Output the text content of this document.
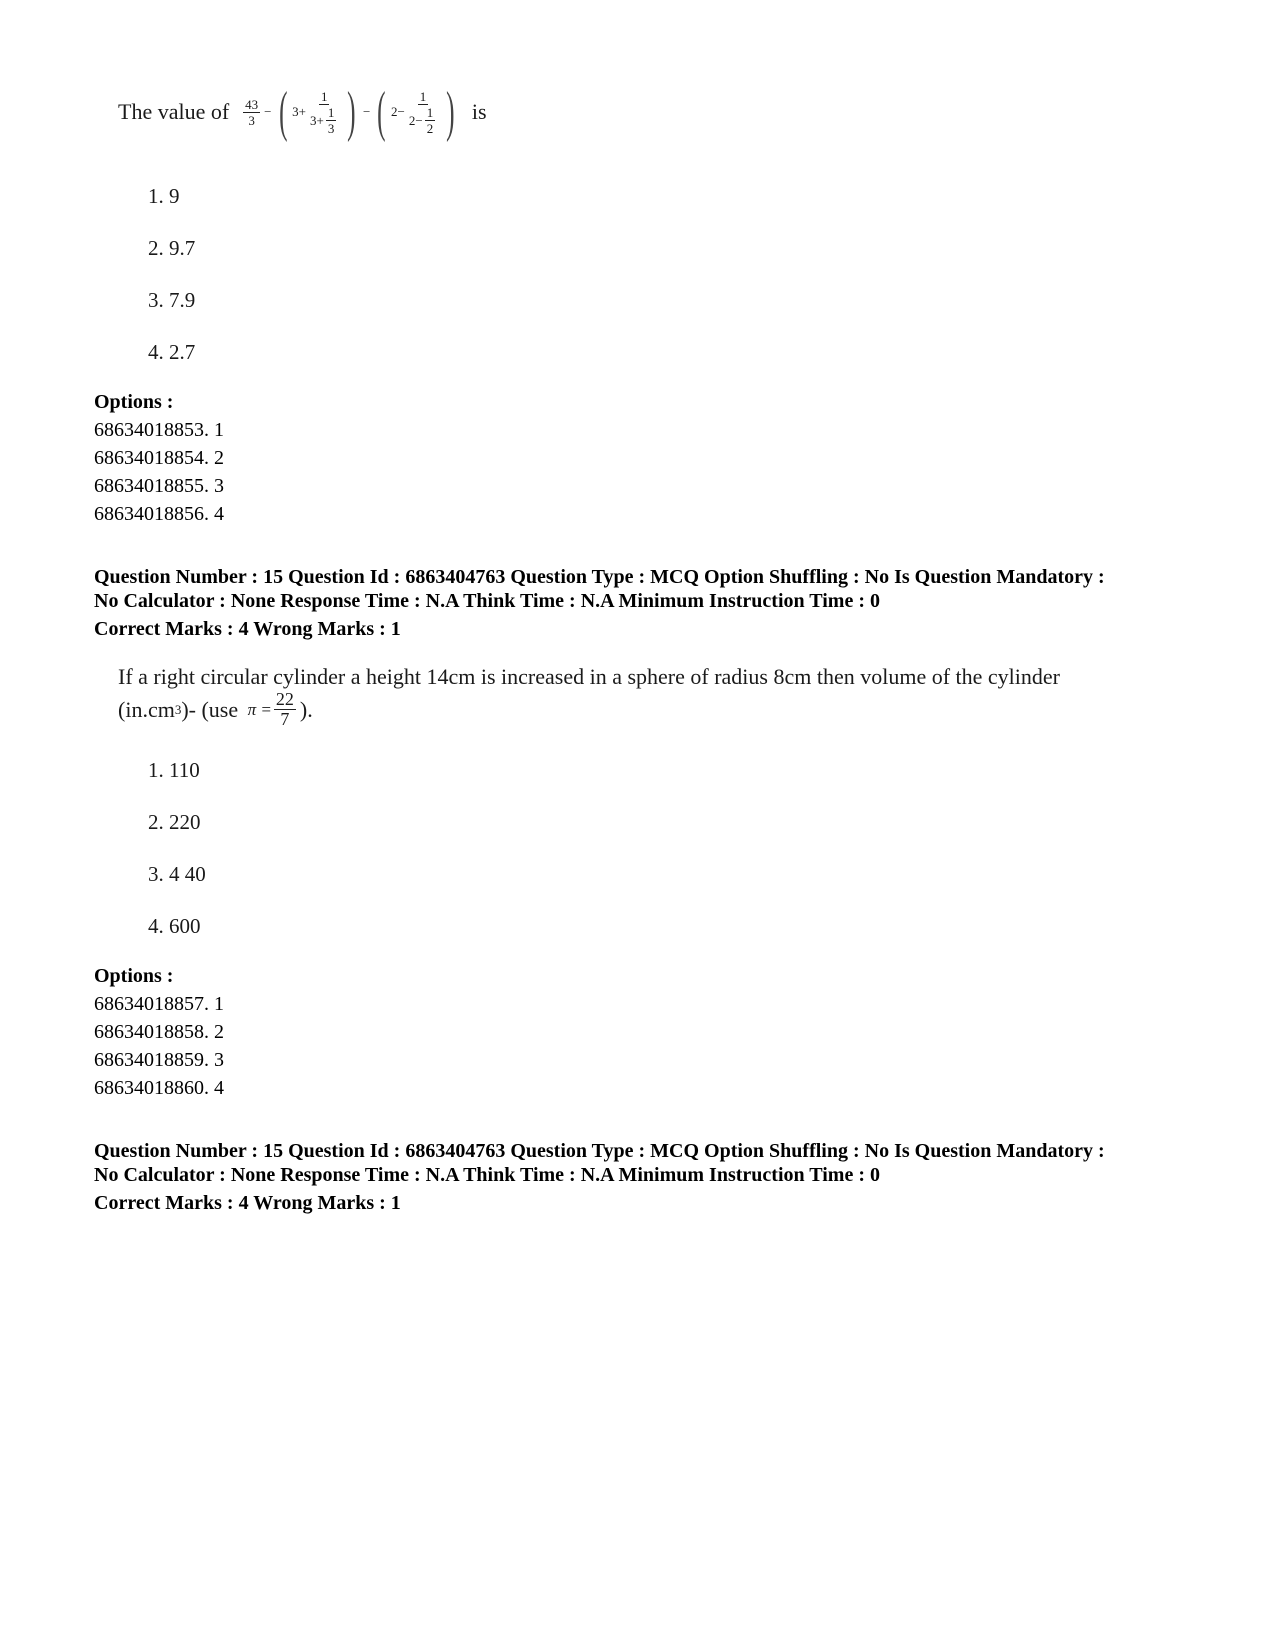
The value of $\frac{43}{3}$ − ( $3+ \frac{1}{3+ \frac{1}{3}}$ ) − ( $2- \frac{1}{2- \frac{1}{2}}$ ) is
1. 9
2. 9.7
3. 7.9
4. 2.7
Options :
68634018853. 1
68634018854. 2
68634018855. 3
68634018856. 4
Question Number : 15 Question Id : 6863404763 Question Type : MCQ Option Shuffling : No Is Question Mandatory :
No Calculator : None Response Time : N.A Think Time : N.A Minimum Instruction Time : 0
Correct Marks : 4 Wrong Marks : 1
If a right circular cylinder a height 14cm is increased in a sphere of radius 8cm then volume of the cylinder
(in.cm 3 )- (use $\pi = \frac{22}{7}$ ).
1. 110
2. 220
3. 4 40
4. 600
Options :
68634018857. 1
68634018858. 2
68634018859. 3
68634018860. 4
Question Number : 15 Question Id : 6863404763 Question Type : MCQ Option Shuffling : No Is Question Mandatory :
No Calculator : None Response Time : N.A Think Time : N.A Minimum Instruction Time : 0
Correct Marks : 4 Wrong Marks : 1
